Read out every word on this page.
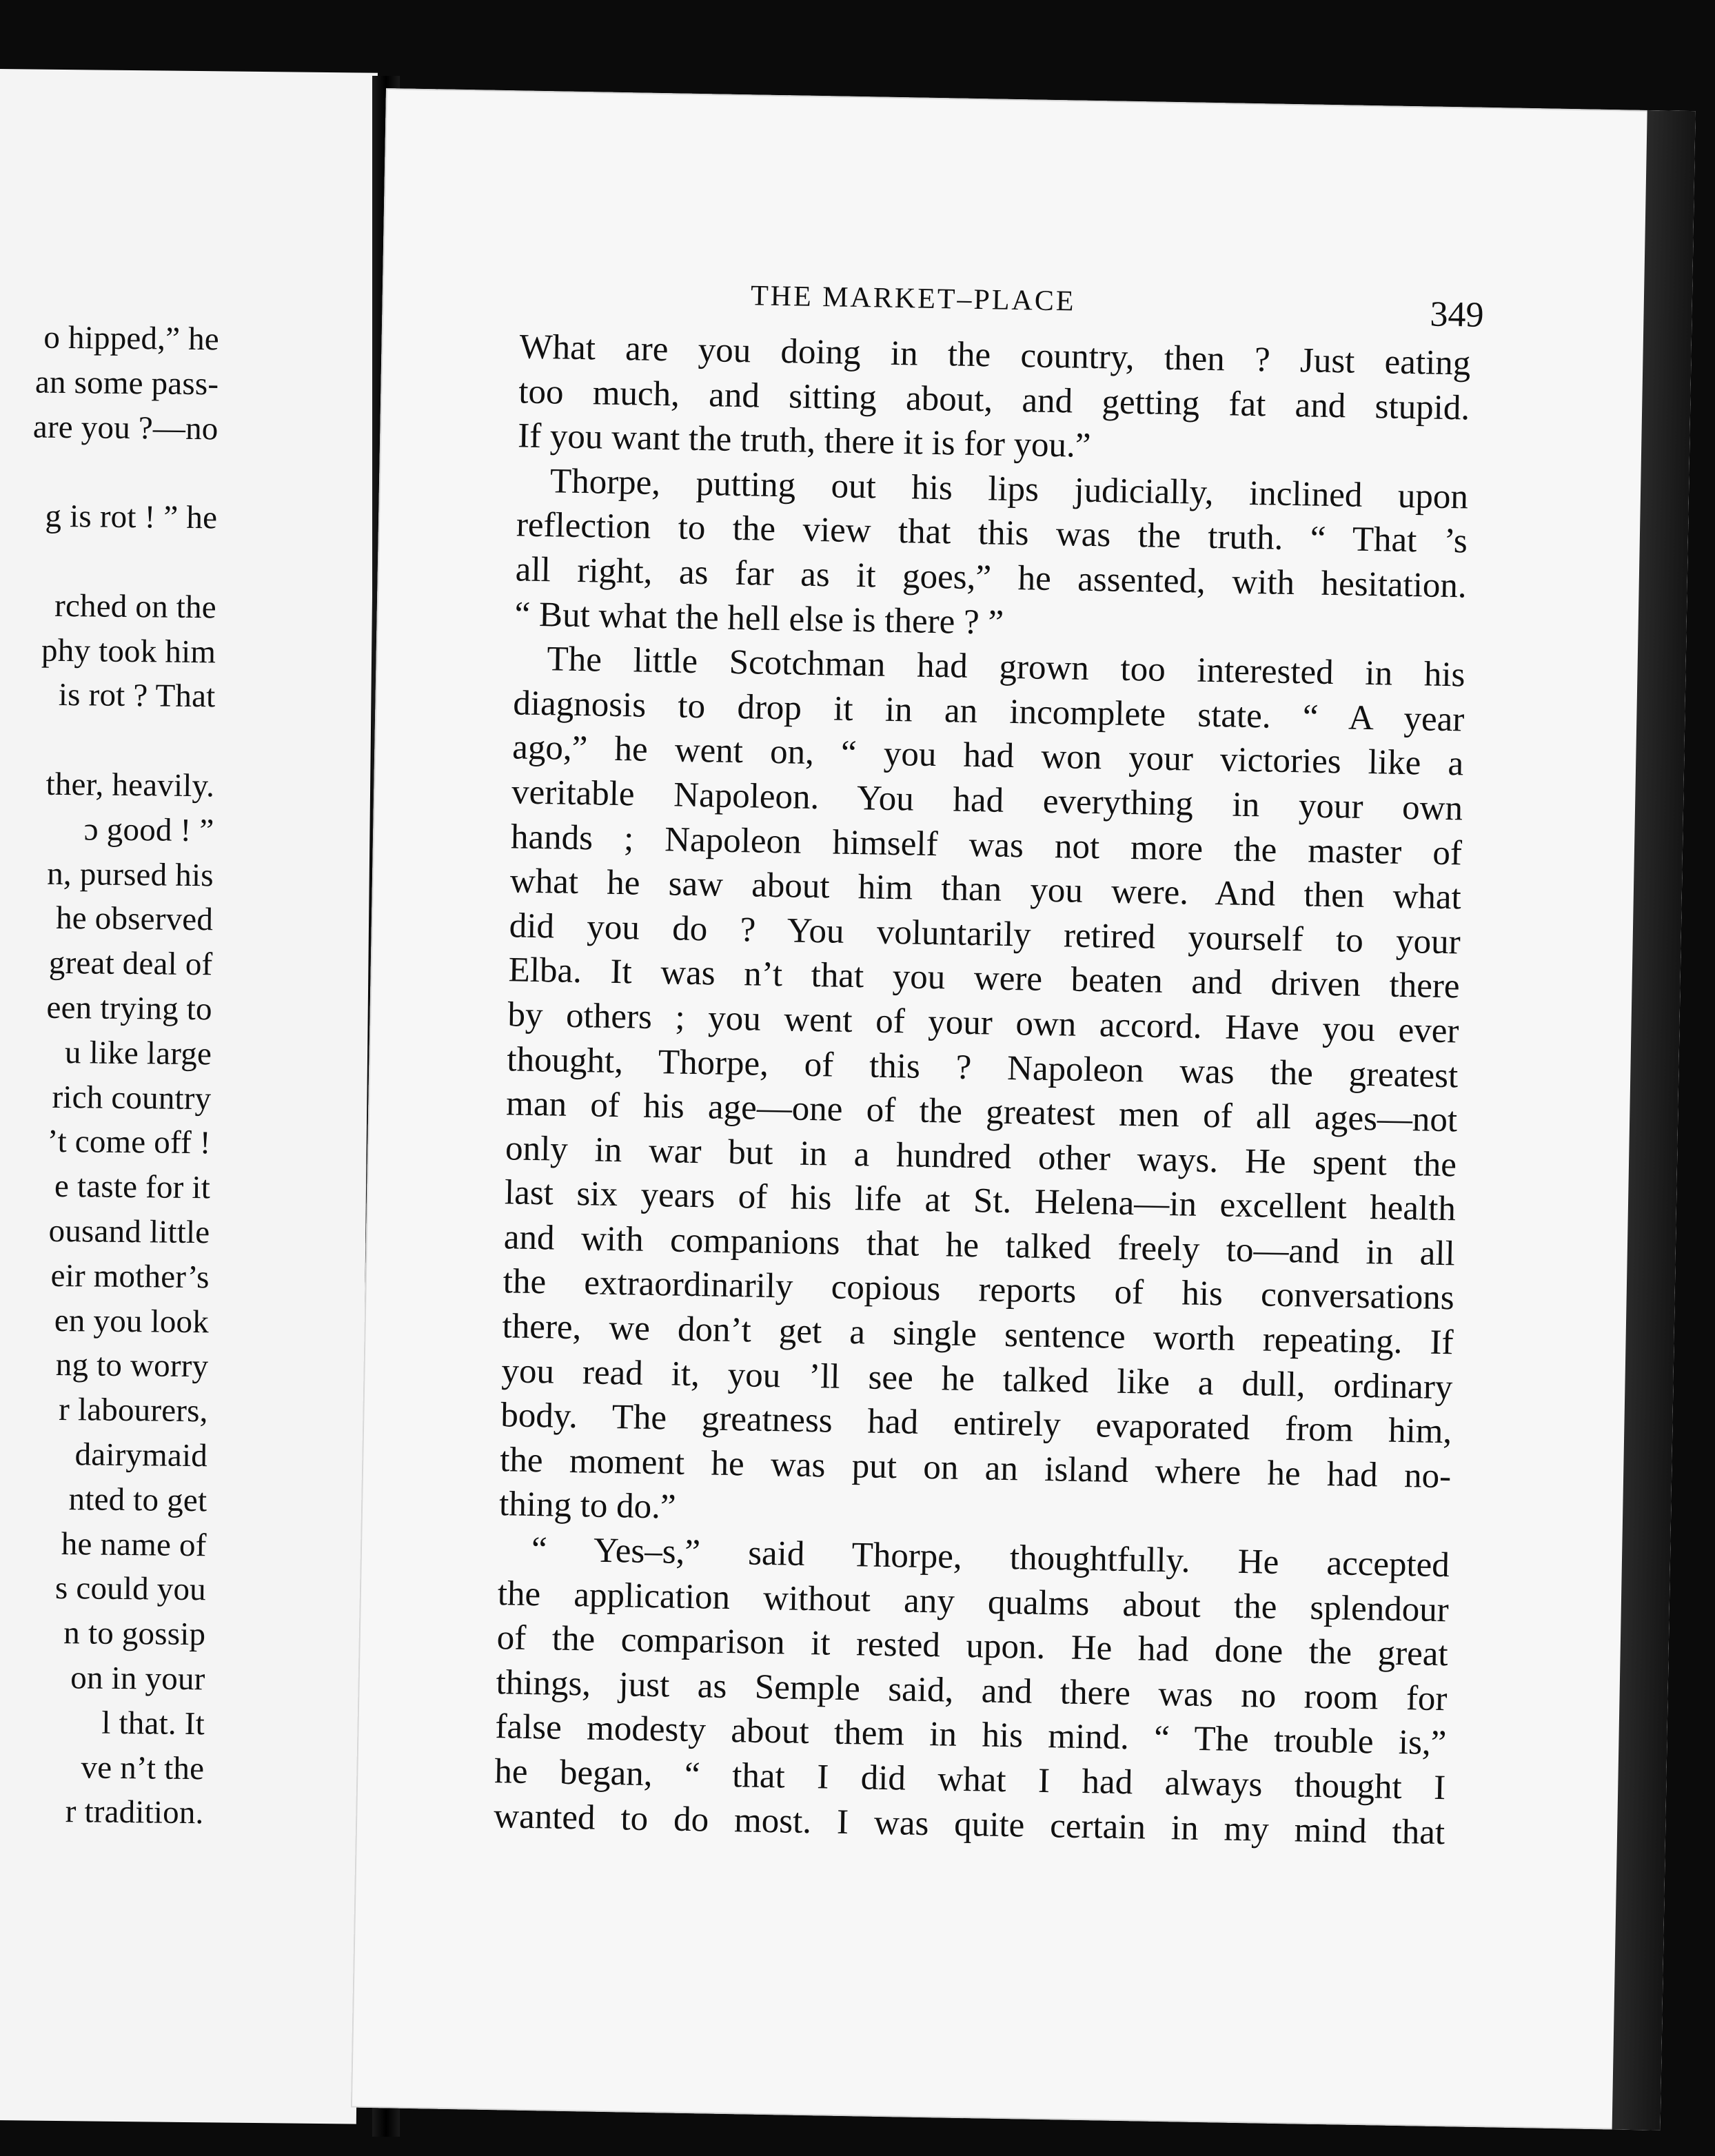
o hipped,” he
an some pass-
are you ?—no
g is rot ! ” he
rched on the
phy took him
is rot ? That
ther, heavily.
ɔ good ! ”
n, pursed his
he observed
great deal of
een trying to
u like large
rich country
’t come off !
e taste for it
ousand little
eir mother’s
en you look
ng to worry
r labourers,
dairymaid
nted to get
he name of
s could you
n to gossip
on in your
l that. It
ve n’t the
r tradition.
THE MARKET–PLACE	349
What are you doing in the country, then ? Just eating
too much, and sitting about, and getting fat and stupid.
If you want the truth, there it is for you.”
Thorpe, putting out his lips judicially, inclined upon
reflection to the view that this was the truth. “ That ’s
all right, as far as it goes,” he assented, with hesitation.
“ But what the hell else is there ? ”
The little Scotchman had grown too interested in his
diagnosis to drop it in an incomplete state. “ A year
ago,” he went on, “ you had won your victories like a
veritable Napoleon. You had everything in your own
hands ; Napoleon himself was not more the master of
what he saw about him than you were. And then what
did you do ? You voluntarily retired yourself to your
Elba. It was n’t that you were beaten and driven there
by others ; you went of your own accord. Have you ever
thought, Thorpe, of this ? Napoleon was the greatest
man of his age—one of the greatest men of all ages—not
only in war but in a hundred other ways. He spent the
last six years of his life at St. Helena—in excellent health
and with companions that he talked freely to—and in all
the extraordinarily copious reports of his conversations
there, we don’t get a single sentence worth repeating. If
you read it, you ’ll see he talked like a dull, ordinary
body. The greatness had entirely evaporated from him,
the moment he was put on an island where he had no-
thing to do.”
“ Yes–s,” said Thorpe, thoughtfully. He accepted
the application without any qualms about the splendour
of the comparison it rested upon. He had done the great
things, just as Semple said, and there was no room for
false modesty about them in his mind. “ The trouble is,”
he began, “ that I did what I had always thought I
wanted to do most. I was quite certain in my mind that
